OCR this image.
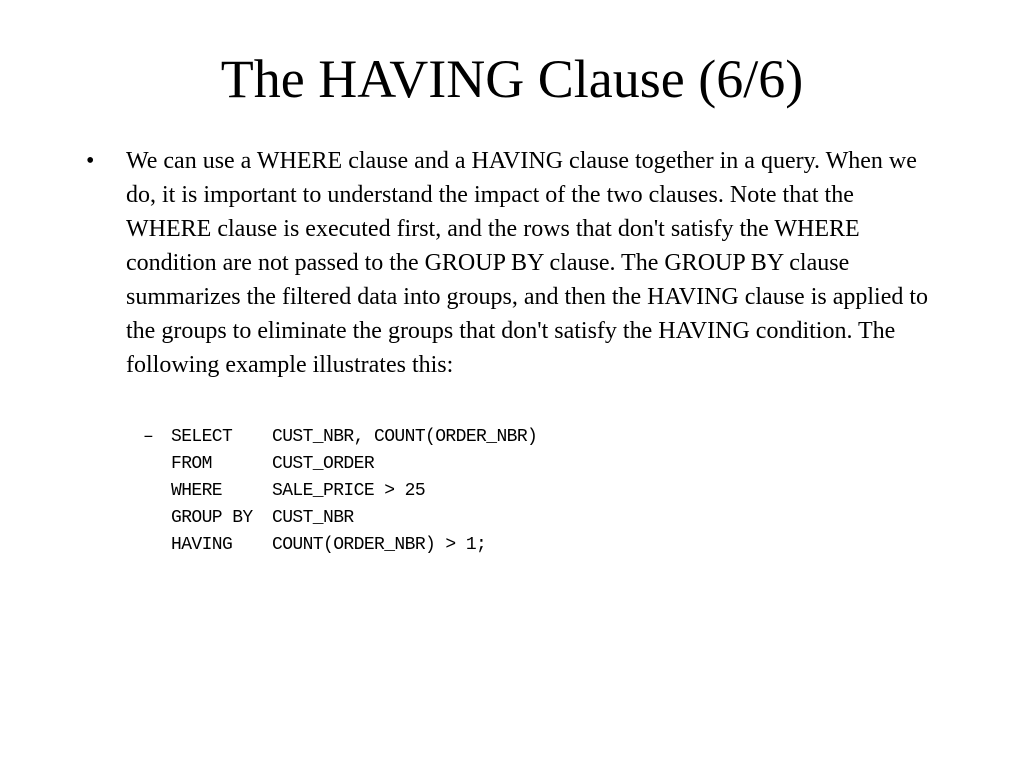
The HAVING Clause (6/6)
• We can use a WHERE clause and a HAVING clause together in a query. When we do, it is important to understand the impact of the two clauses. Note that the WHERE clause is executed first, and the rows that don't satisfy the WHERE condition are not passed to the GROUP BY clause. The GROUP BY clause summarizes the filtered data into groups, and then the HAVING clause is applied to the groups to eliminate the groups that don't satisfy the HAVING condition. The following example illustrates this:
– SELECT	CUST_NBR, COUNT(ORDER_NBR)
FROM	CUST_ORDER
WHERE	SALE_PRICE > 25
GROUP BY	CUST_NBR
HAVING	COUNT(ORDER_NBR) > 1;
